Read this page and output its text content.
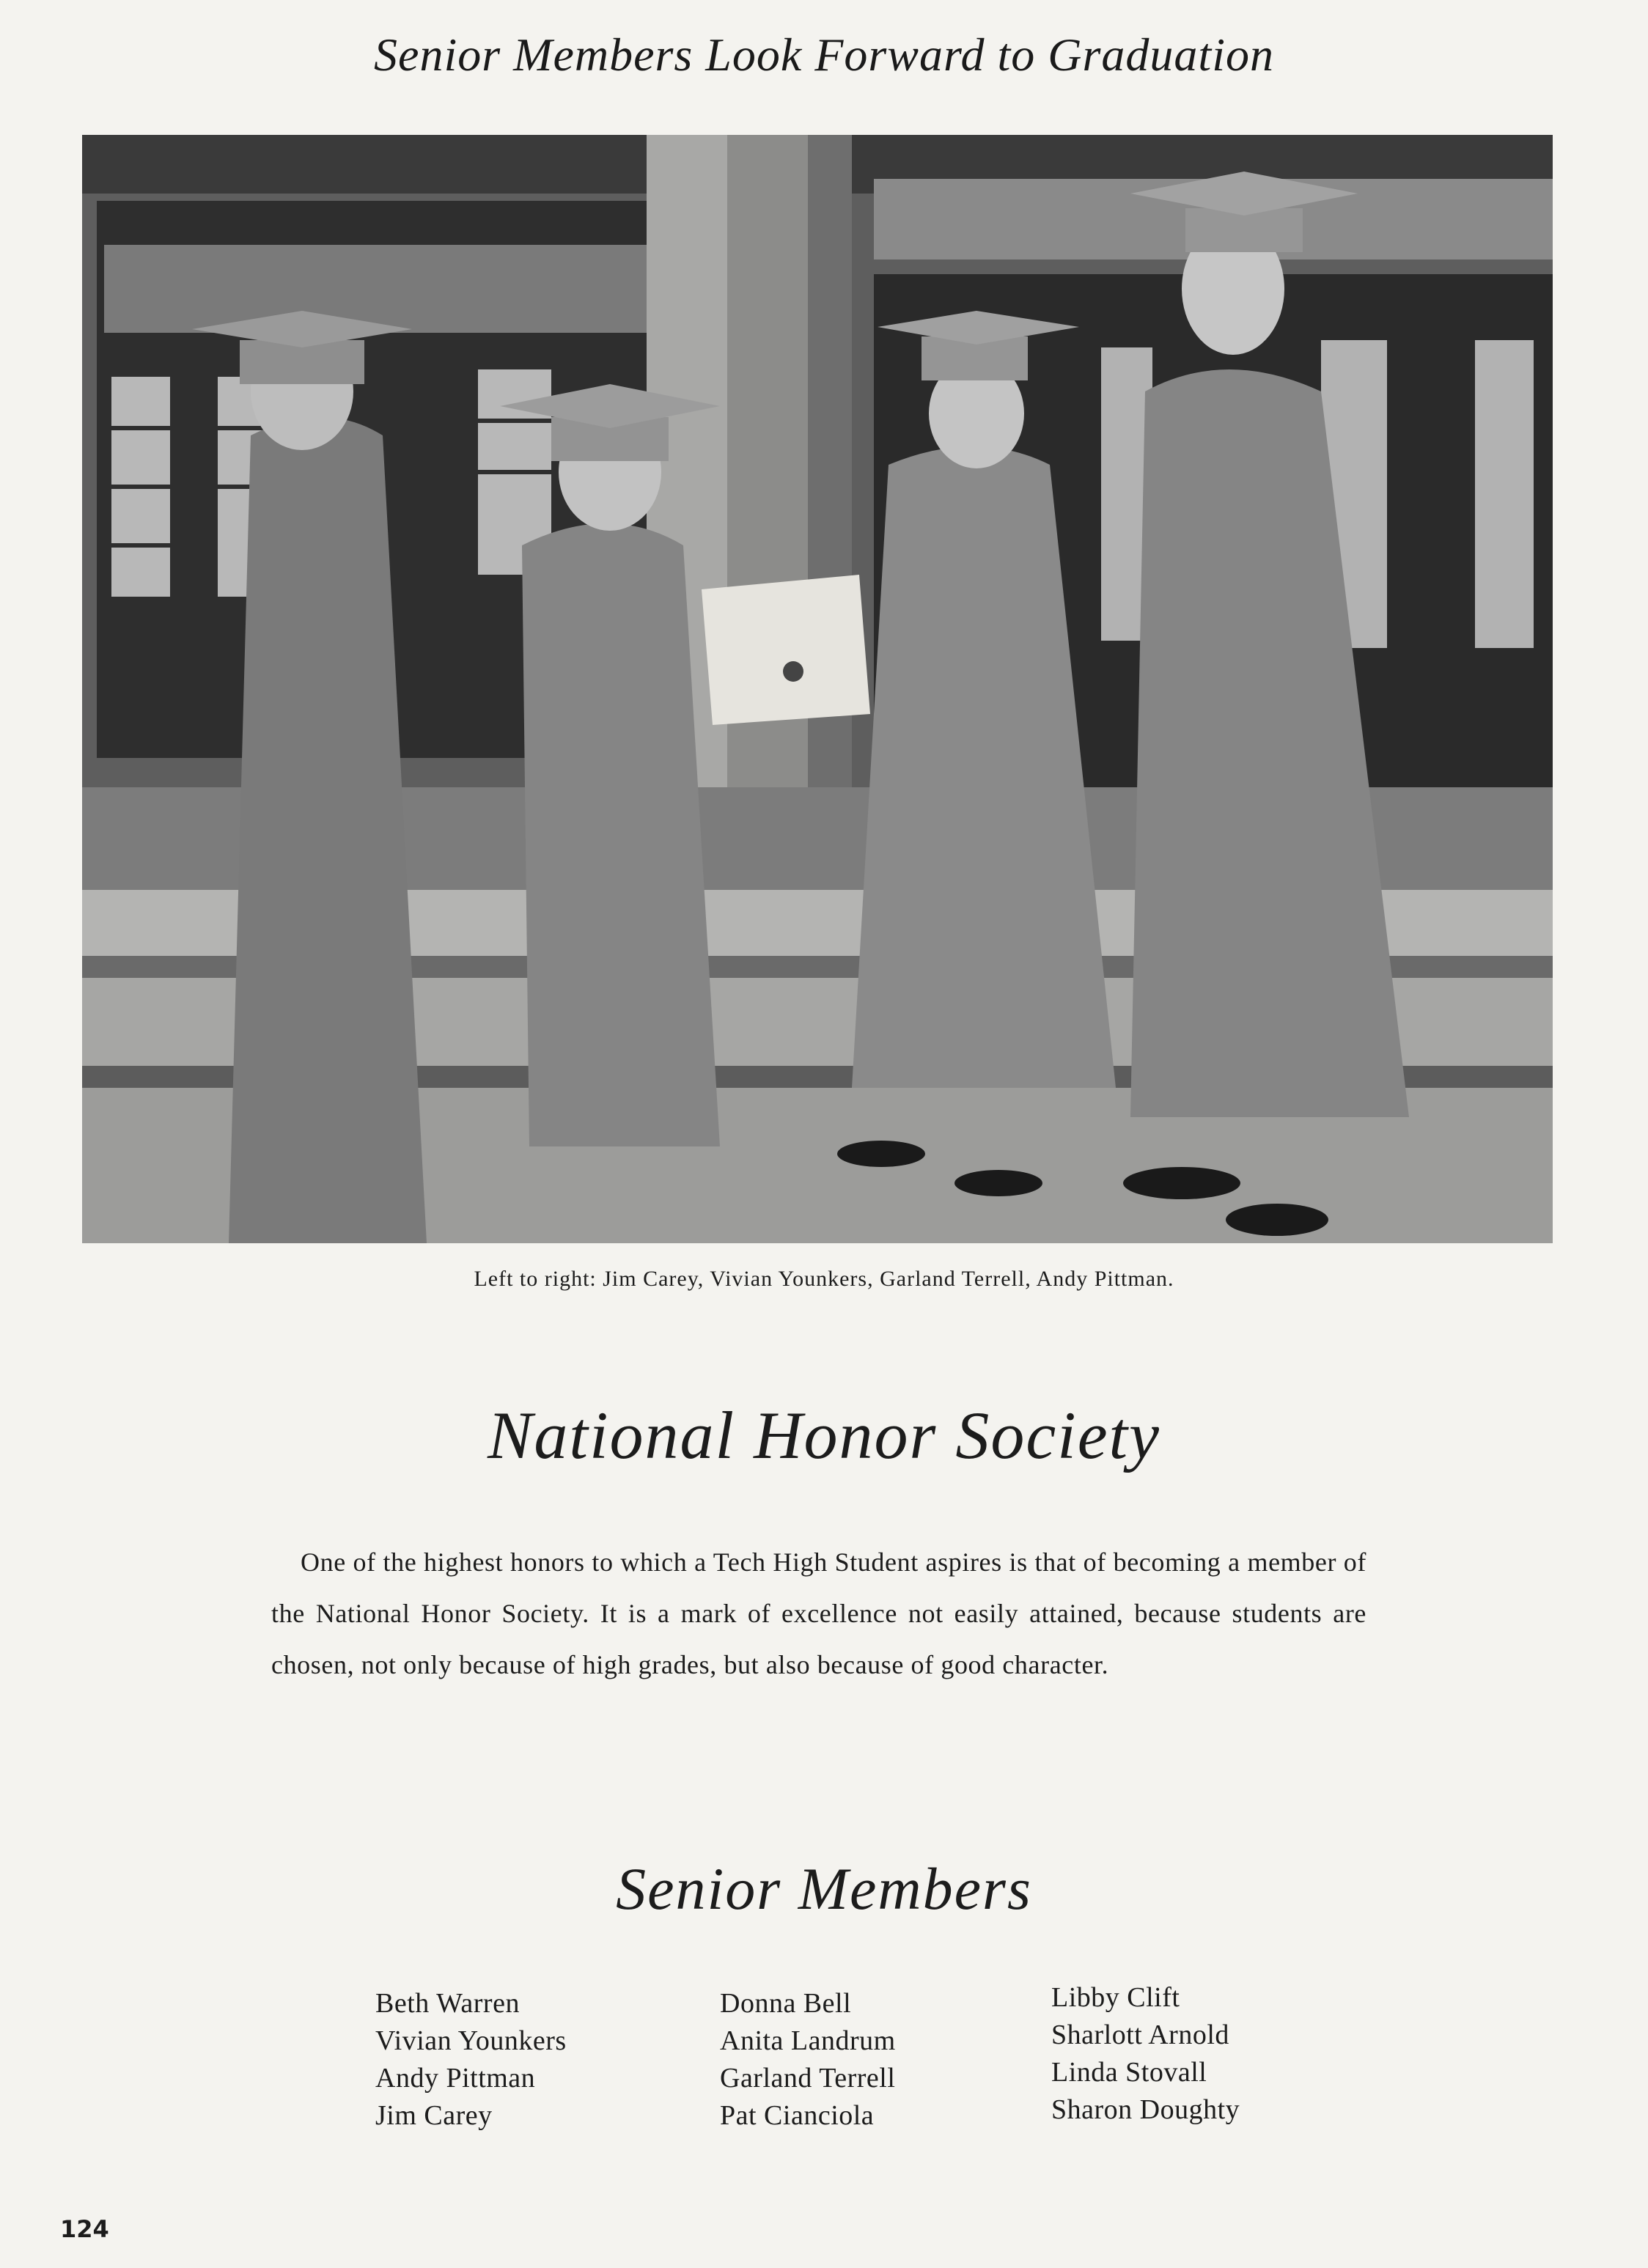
Senior Members Look Forward to Graduation
Left to right: Jim Carey, Vivian Younkers, Garland Terrell, Andy Pittman.
National Honor Society
One of the highest honors to which a Tech High Student aspires is that of becoming a member of the National Honor Society. It is a mark of excellence not easily attained, because students are chosen, not only because of high grades, but also because of good character.
Senior Members
Beth Warren
Vivian Younkers
Andy Pittman
Jim Carey
Donna Bell
Anita Landrum
Garland Terrell
Pat Cianciola
Libby Clift
Sharlott Arnold
Linda Stovall
Sharon Doughty
124
